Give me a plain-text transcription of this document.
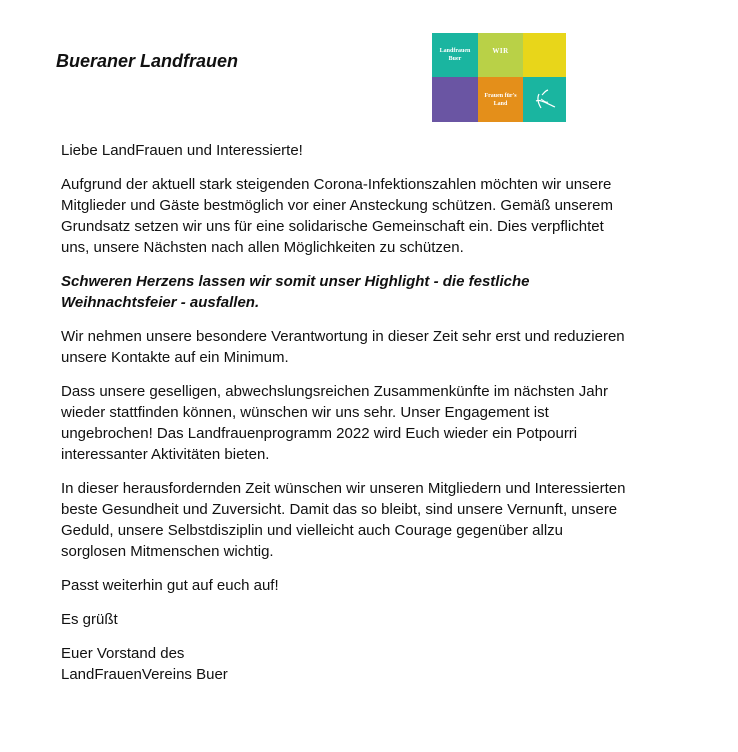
Bueraner Landfrauen	Landfrauen
Buer
WIR
Frauen für's
Land

Liebe LandFrauen und Interessierte!

Aufgrund der aktuell stark steigenden Corona-Infektionszahlen möchten wir unsere
Mitglieder und Gäste bestmöglich vor einer Ansteckung schützen. Gemäß unserem
Grundsatz setzen wir uns für eine solidarische Gemeinschaft ein. Dies verpflichtet
uns, unsere Nächsten nach allen Möglichkeiten zu schützen.

Schweren Herzens lassen wir somit unser Highlight - die festliche
Weihnachtsfeier - ausfallen.

Wir nehmen unsere besondere Verantwortung in dieser Zeit sehr erst und reduzieren
unsere Kontakte auf ein Minimum.

Dass unsere geselligen, abwechslungsreichen Zusammenkünfte im nächsten Jahr
wieder stattfinden können, wünschen wir uns sehr. Unser Engagement ist
ungebrochen! Das Landfrauenprogramm 2022 wird Euch wieder ein Potpourri
interessanter Aktivitäten bieten.

In dieser herausfordernden Zeit wünschen wir unseren Mitgliedern und Interessierten
beste Gesundheit und Zuversicht. Damit das so bleibt, sind unsere Vernunft, unsere
Geduld, unsere Selbstdisziplin und vielleicht auch Courage gegenüber allzu
sorglosen Mitmenschen wichtig.

Passt weiterhin gut auf euch auf!

Es grüßt

Euer Vorstand des
LandFrauenVereins Buer
